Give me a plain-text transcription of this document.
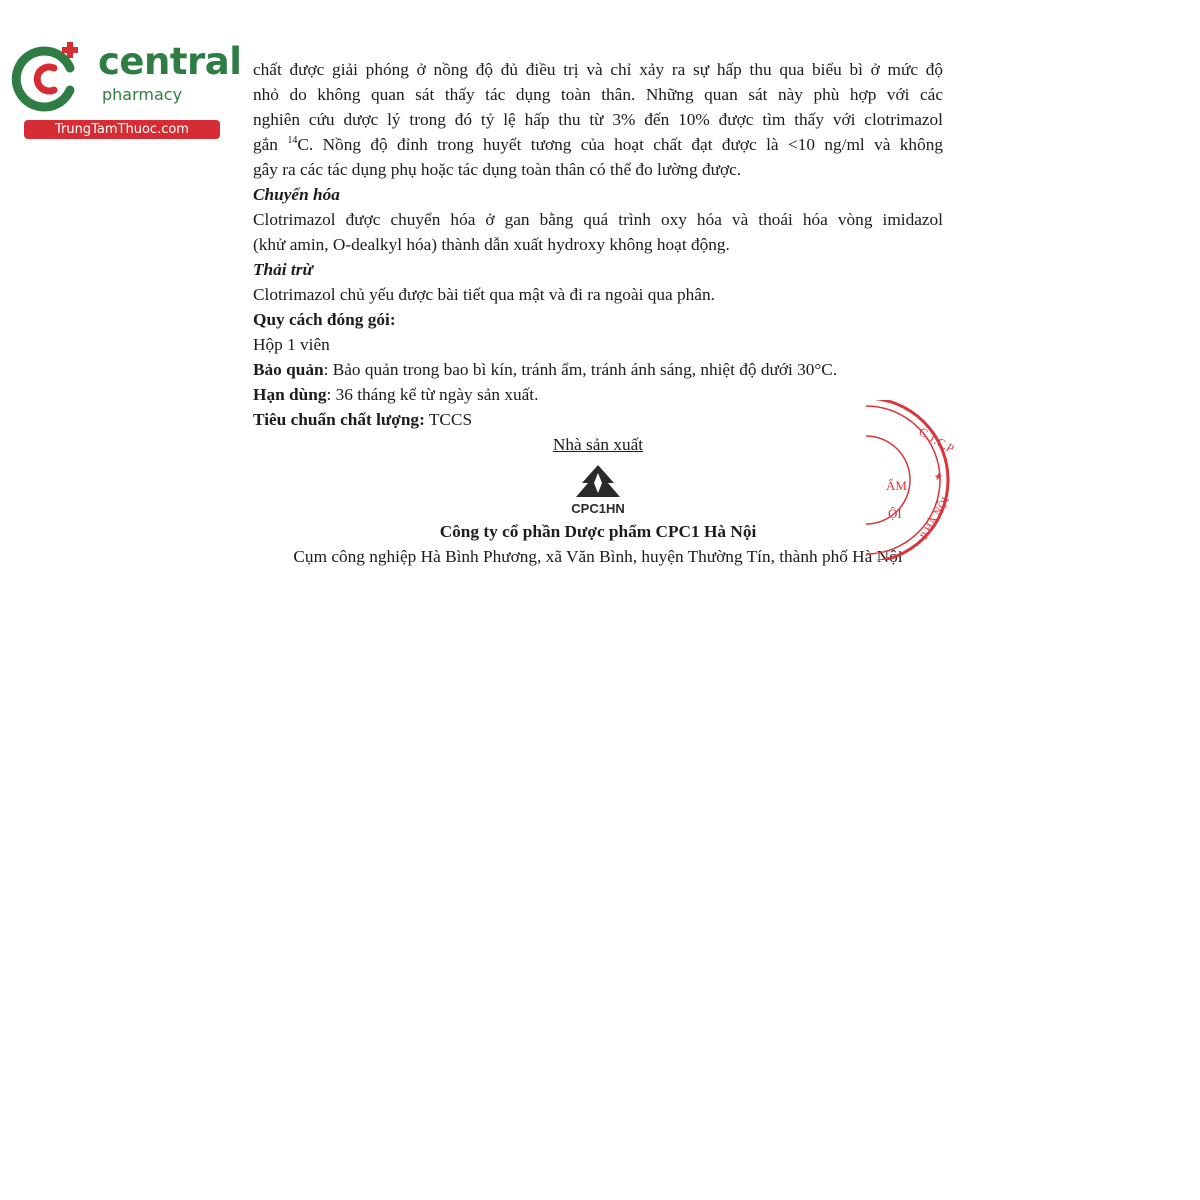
central
pharmacy
TrungTamThuoc.com

chất được giải phóng ở nồng độ đủ điều trị và chỉ xảy ra sự hấp thu qua biểu bì ở mức độ

nhỏ do không quan sát thấy tác dụng toàn thân. Những quan sát này phù hợp với các

nghiên cứu dược lý trong đó tỷ lệ hấp thu từ 3% đến 10% được tìm thấy với clotrimazol

gắn $^{14}$C. Nồng độ đỉnh trong huyết tương của hoạt chất đạt được là <10 ng/ml và không

gây ra các tác dụng phụ hoặc tác dụng toàn thân có thể đo lường được.

Chuyển hóa

Clotrimazol được chuyển hóa ở gan bằng quá trình oxy hóa và thoái hóa vòng imidazol

(khử amin, O-dealkyl hóa) thành dẫn xuất hydroxy không hoạt động.

Thải trừ

Clotrimazol chủ yếu được bài tiết qua mật và đi ra ngoài qua phân.

Quy cách đóng gói:

Hộp 1 viên

Bảo quản: Bảo quản trong bao bì kín, tránh ẩm, tránh ánh sáng, nhiệt độ dưới 30°C.

Hạn dùng: 36 tháng kể từ ngày sản xuất.

Tiêu chuẩn chất lượng: TCCS

Nhà sản xuất
CPC1HN
Công ty cổ phần Dược phẩm CPC1 Hà Nội
Cụm công nghiệp Hà Bình Phương, xã Văn Bình, huyện Thường Tín, thành phố Hà Nội
C.T.C.P
ẨM
ỘI P HÀ NỘI
★
